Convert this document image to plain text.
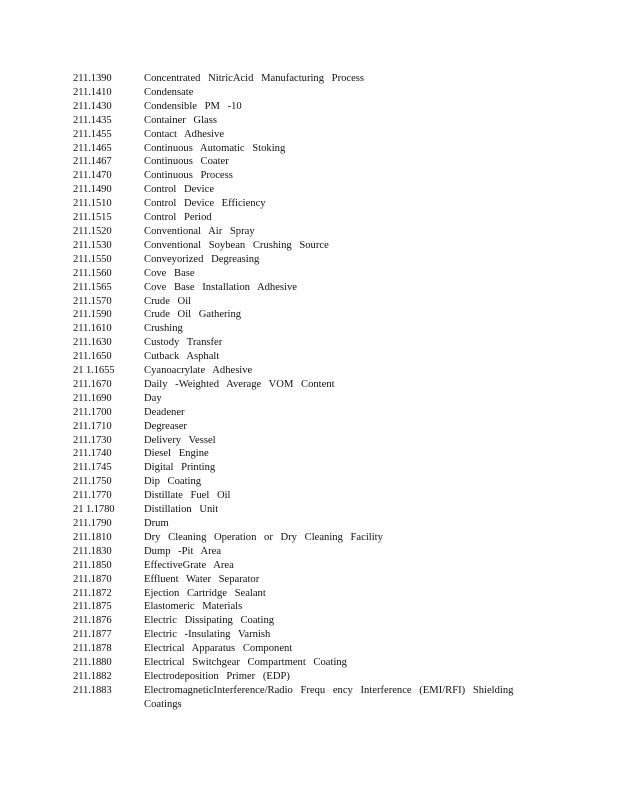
211.1390	Concentrated NitricAcid Manufacturing Process
211.1410	Condensate
211.1430	Condensible PM -10
211.1435	Container Glass
211.1455	Contact Adhesive
211.1465	Continuous Automatic Stoking
211.1467	Continuous Coater
211.1470	Continuous Process
211.1490	Control Device
211.1510	Control Device Efficiency
211.1515	Control Period
211.1520	Conventional Air Spray
211.1530	Conventional Soybean Crushing Source
211.1550	Conveyorized Degreasing
211.1560	Cove Base
211.1565	Cove Base Installation Adhesive
211.1570	Crude Oil
211.1590	Crude Oil Gathering
211.1610	Crushing
211.1630	Custody Transfer
211.1650	Cutback Asphalt
21 1.1655	Cyanoacrylate Adhesive
211.1670	Daily -Weighted Average VOM Content
211.1690	Day
211.1700	Deadener
211.1710	Degreaser
211.1730	Delivery Vessel
211.1740	Diesel Engine
211.1745	Digital Printing
211.1750	Dip Coating
211.1770	Distillate Fuel Oil
21 1.1780	Distillation Unit
211.1790	Drum
211.1810	Dry Cleaning Operation or Dry Cleaning Facility
211.1830	Dump -Pit Area
211.1850	EffectiveGrate Area
211.1870	Effluent Water Separator
211.1872	Ejection Cartridge Sealant
211.1875	Elastomeric Materials
211.1876	Electric Dissipating Coating
211.1877	Electric -Insulating Varnish
211.1878	Electrical Apparatus Component
211.1880	Electrical Switchgear Compartment Coating
211.1882	Electrodeposition Primer (EDP)
211.1883	ElectromagneticInterference/Radio Frequ ency Interference (EMI/RFI) Shielding
Coatings
